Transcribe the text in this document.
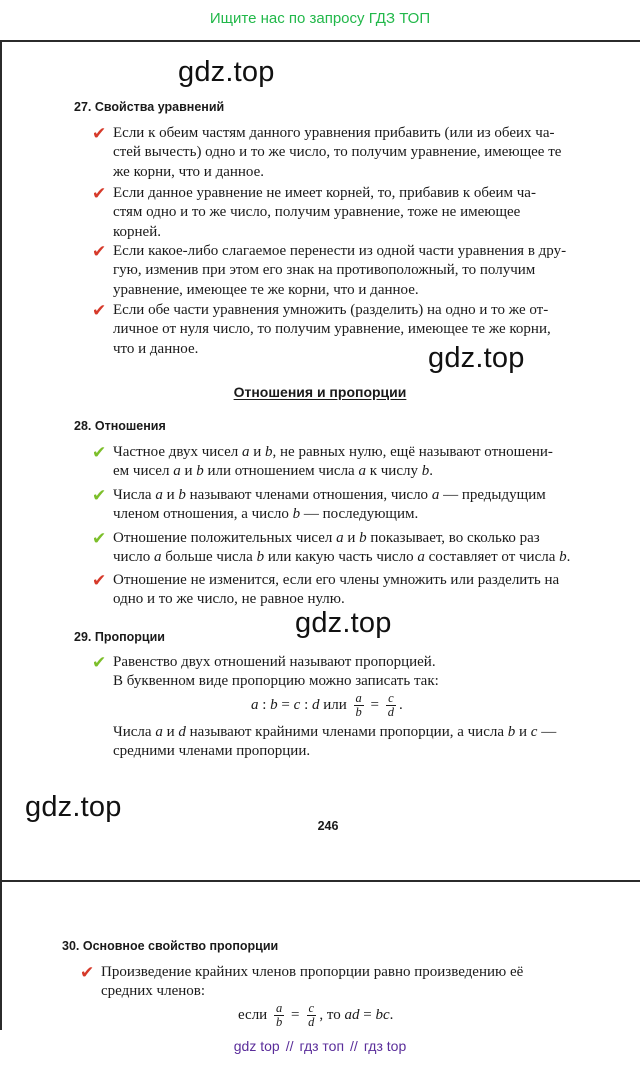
Ищите нас по запросу ГДЗ ТОП
gdz.top
gdz.top
gdz.top
gdz.top
27. Свойства уравнений
✔ Если к обеим частям данного уравнения прибавить (или из обеих ча-
стей вычесть) одно и то же число, то получим уравнение, имеющее те
же корни, что и данное.
✔ Если данное уравнение не имеет корней, то, прибавив к обеим ча-
стям одно и то же число, получим уравнение, тоже не имеющее
корней.
✔ Если какое-либо слагаемое перенести из одной части уравнения в дру-
гую, изменив при этом его знак на противоположный, то получим
уравнение, имеющее те же корни, что и данное.
✔ Если обе части уравнения умножить (разделить) на одно и то же от-
личное от нуля число, то получим уравнение, имеющее те же корни,
что и данное.
Отношения и пропорции
28. Отношения
✔ Частное двух чисел a и b, не равных нулю, ещё называют отношени-
ем чисел a и b или отношением числа a к числу b.
✔ Числа a и b называют членами отношения, число a — предыдущим
членом отношения, а число b — последующим.
✔ Отношение положительных чисел a и b показывает, во сколько раз
число a больше числа b или какую часть число a составляет от числа b.
✔ Отношение не изменится, если его члены умножить или разделить на
одно и то же число, не равное нулю.
29. Пропорции
✔ Равенство двух отношений называют пропорцией.
В буквенном виде пропорцию можно записать так:
a : b = c : d или $\frac{a}{b} = \frac{c}{d}$ .
Числа a и d называют крайними членами пропорции, а числа b и c —
средними членами пропорции.
246
30. Основное свойство пропорции
✔ Произведение крайних членов пропорции равно произведению её
средних членов:
если $\frac{a}{b} = \frac{c}{d}$ , то ad = bc .
gdz top // гдз топ // гдз top
